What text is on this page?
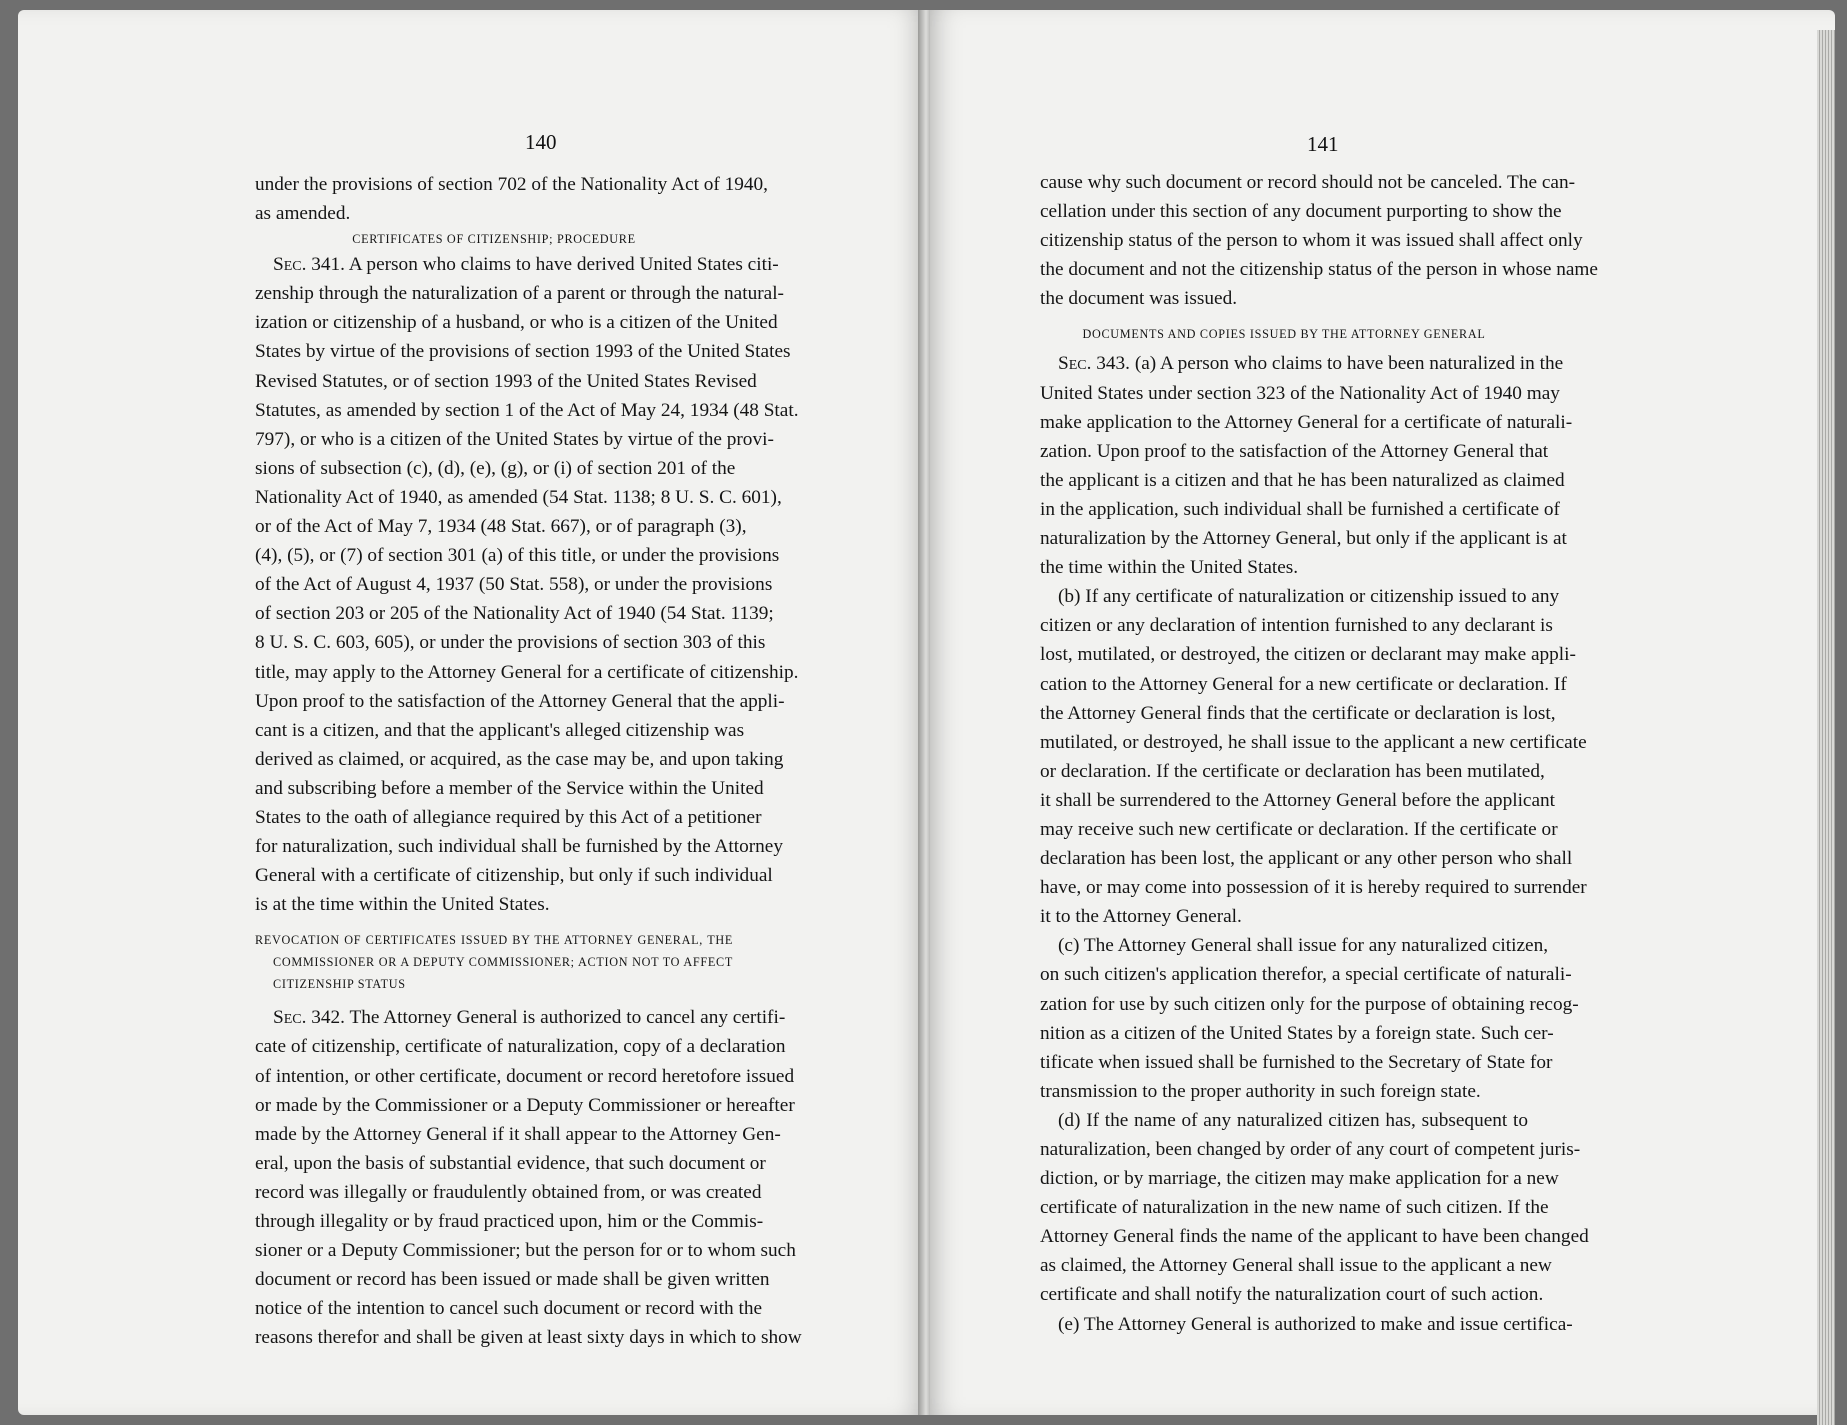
140
under the provisions of section 702 of the Nationality Act of 1940,
as amended.
CERTIFICATES OF CITIZENSHIP; PROCEDURE
Sec. 341. A person who claims to have derived United States citi-
zenship through the naturalization of a parent or through the natural-
ization or citizenship of a husband, or who is a citizen of the United
States by virtue of the provisions of section 1993 of the United States
Revised Statutes, or of section 1993 of the United States Revised
Statutes, as amended by section 1 of the Act of May 24, 1934 (48 Stat.
797), or who is a citizen of the United States by virtue of the provi-
sions of subsection (c), (d), (e), (g), or (i) of section 201 of the
Nationality Act of 1940, as amended (54 Stat. 1138; 8 U. S. C. 601),
or of the Act of May 7, 1934 (48 Stat. 667), or of paragraph (3),
(4), (5), or (7) of section 301 (a) of this title, or under the provisions
of the Act of August 4, 1937 (50 Stat. 558), or under the provisions
of section 203 or 205 of the Nationality Act of 1940 (54 Stat. 1139;
8 U. S. C. 603, 605), or under the provisions of section 303 of this
title, may apply to the Attorney General for a certificate of citizenship.
Upon proof to the satisfaction of the Attorney General that the appli-
cant is a citizen, and that the applicant's alleged citizenship was
derived as claimed, or acquired, as the case may be, and upon taking
and subscribing before a member of the Service within the United
States to the oath of allegiance required by this Act of a petitioner
for naturalization, such individual shall be furnished by the Attorney
General with a certificate of citizenship, but only if such individual
is at the time within the United States.
REVOCATION OF CERTIFICATES ISSUED BY THE ATTORNEY GENERAL, THE
COMMISSIONER OR A DEPUTY COMMISSIONER; ACTION NOT TO AFFECT
CITIZENSHIP STATUS
Sec. 342. The Attorney General is authorized to cancel any certifi-
cate of citizenship, certificate of naturalization, copy of a declaration
of intention, or other certificate, document or record heretofore issued
or made by the Commissioner or a Deputy Commissioner or hereafter
made by the Attorney General if it shall appear to the Attorney Gen-
eral, upon the basis of substantial evidence, that such document or
record was illegally or fraudulently obtained from, or was created
through illegality or by fraud practiced upon, him or the Commis-
sioner or a Deputy Commissioner; but the person for or to whom such
document or record has been issued or made shall be given written
notice of the intention to cancel such document or record with the
reasons therefor and shall be given at least sixty days in which to show
141
cause why such document or record should not be canceled. The can-
cellation under this section of any document purporting to show the
citizenship status of the person to whom it was issued shall affect only
the document and not the citizenship status of the person in whose name
the document was issued.
DOCUMENTS AND COPIES ISSUED BY THE ATTORNEY GENERAL
Sec. 343. (a) A person who claims to have been naturalized in the
United States under section 323 of the Nationality Act of 1940 may
make application to the Attorney General for a certificate of naturali-
zation. Upon proof to the satisfaction of the Attorney General that
the applicant is a citizen and that he has been naturalized as claimed
in the application, such individual shall be furnished a certificate of
naturalization by the Attorney General, but only if the applicant is at
the time within the United States.
(b) If any certificate of naturalization or citizenship issued to any
citizen or any declaration of intention furnished to any declarant is
lost, mutilated, or destroyed, the citizen or declarant may make appli-
cation to the Attorney General for a new certificate or declaration. If
the Attorney General finds that the certificate or declaration is lost,
mutilated, or destroyed, he shall issue to the applicant a new certificate
or declaration. If the certificate or declaration has been mutilated,
it shall be surrendered to the Attorney General before the applicant
may receive such new certificate or declaration. If the certificate or
declaration has been lost, the applicant or any other person who shall
have, or may come into possession of it is hereby required to surrender
it to the Attorney General.
(c) The Attorney General shall issue for any naturalized citizen,
on such citizen's application therefor, a special certificate of naturali-
zation for use by such citizen only for the purpose of obtaining recog-
nition as a citizen of the United States by a foreign state. Such cer-
tificate when issued shall be furnished to the Secretary of State for
transmission to the proper authority in such foreign state.
(d) If the name of any naturalized citizen has, subsequent to
naturalization, been changed by order of any court of competent juris-
diction, or by marriage, the citizen may make application for a new
certificate of naturalization in the new name of such citizen. If the
Attorney General finds the name of the applicant to have been changed
as claimed, the Attorney General shall issue to the applicant a new
certificate and shall notify the naturalization court of such action.
(e) The Attorney General is authorized to make and issue certifica-
